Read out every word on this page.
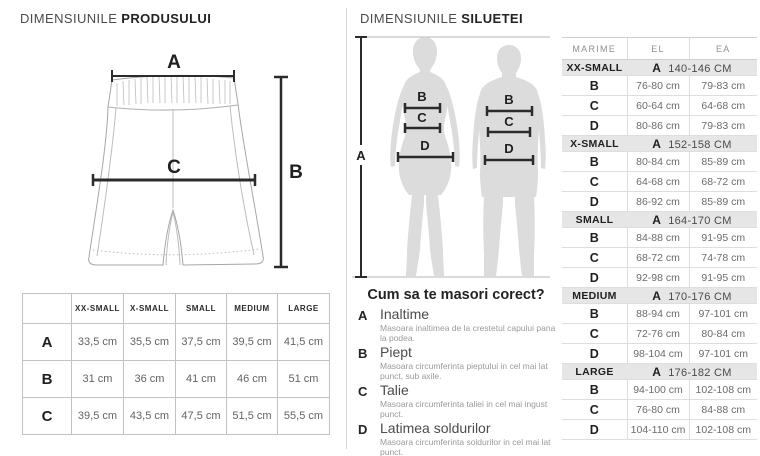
DIMENSIUNILE PRODUSULUI
A
B
C
	XX-SMALL	X-SMALL	SMALL	MEDIUM	LARGE
A	33,5 cm	35,5 cm	37,5 cm	39,5 cm	41,5 cm
B	31 cm	36 cm	41 cm	46 cm	51 cm
C	39,5 cm	43,5 cm	47,5 cm	51,5 cm	55,5 cm
DIMENSIUNILE SILUETEI
A
B
C
D
B
C
D
Cum sa te masori corect?
A Inaltime
Masoara inaltimea de la crestetul capului pana la podea.
B Piept
Masoara circumferinta pieptului in cel mai lat punct, sub axile.
C Talie
Masoara circumferinta taliei in cel mai ingust punct.
D Latimea soldurilor
Masoara circumferinta soldurilor in cel mai lat punct.
MARIME	EL	EA
XX-SMALL	A 140-146 CM	
B	76-80 cm	79-83 cm
C	60-64 cm	64-68 cm
D	80-86 cm	79-83 cm
X-SMALL	A 152-158 CM	
B	80-84 cm	85-89 cm
C	64-68 cm	68-72 cm
D	86-92 cm	85-89 cm
SMALL	A 164-170 CM	
B	84-88 cm	91-95 cm
C	68-72 cm	74-78 cm
D	92-98 cm	91-95 cm
MEDIUM	A 170-176 CM	
B	88-94 cm	97-101 cm
C	72-76 cm	80-84 cm
D	98-104 cm	97-101 cm
LARGE	A 176-182 CM	
B	94-100 cm	102-108 cm
C	76-80 cm	84-88 cm
D	104-110 cm	102-108 cm
